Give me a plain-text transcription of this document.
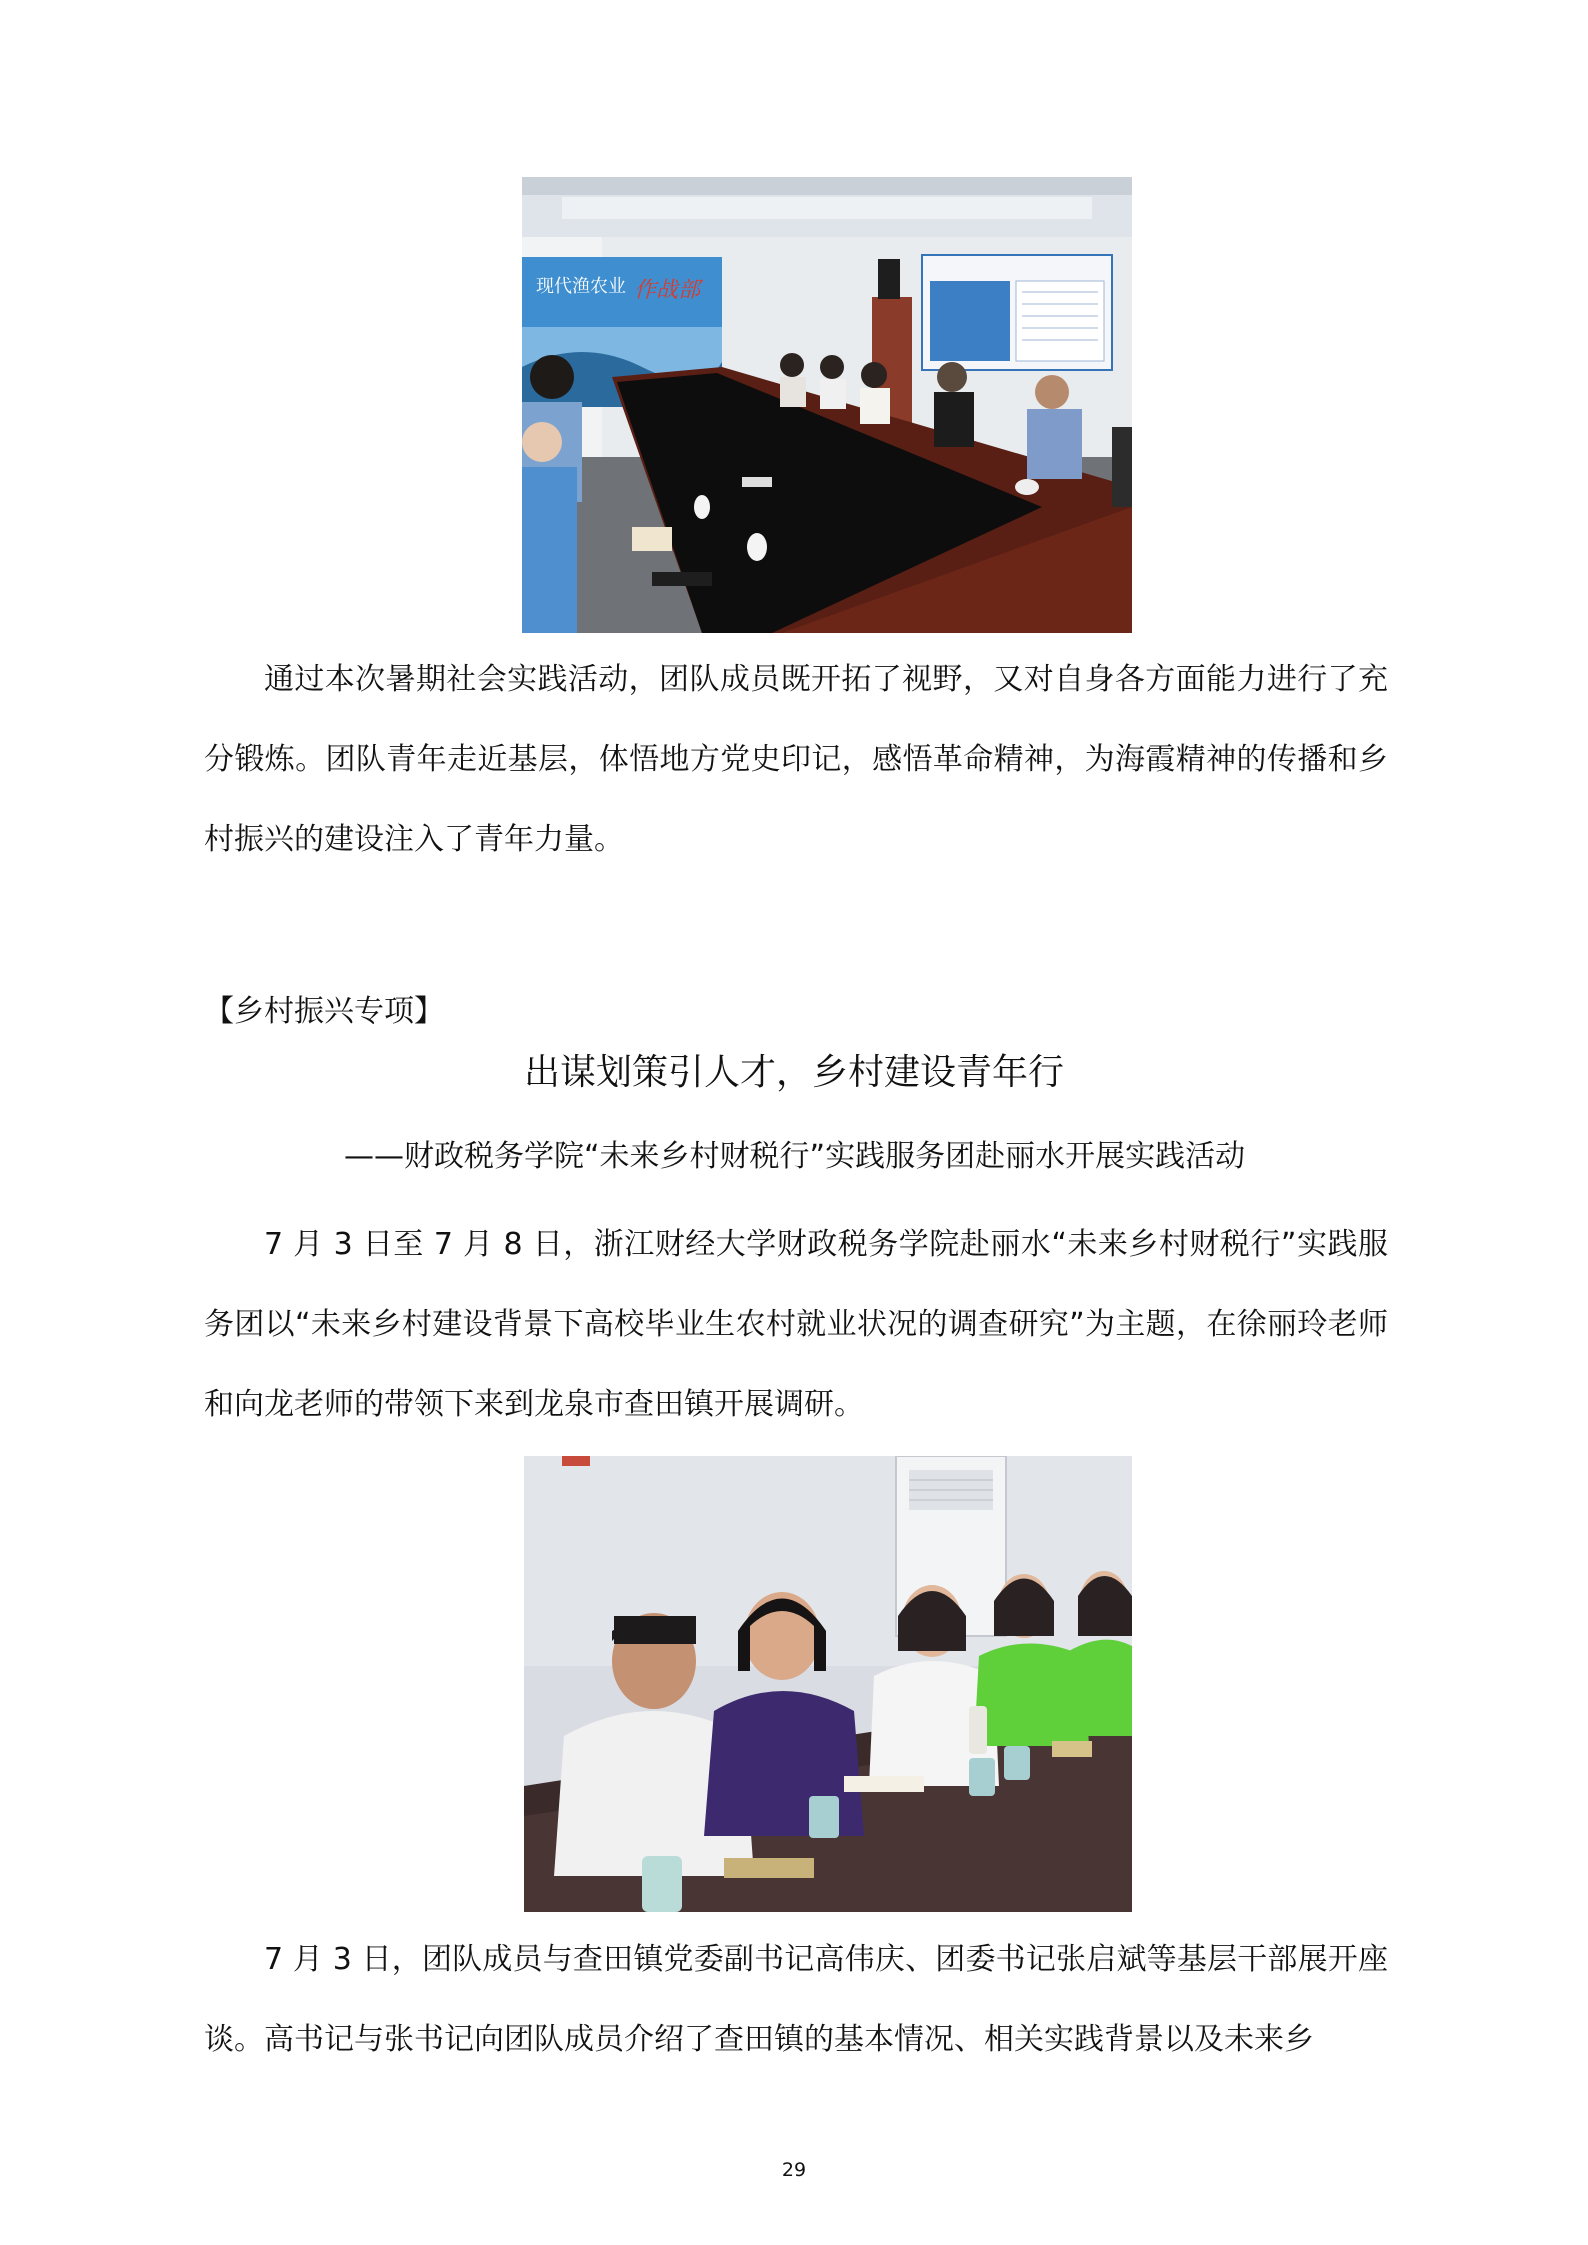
现代渔农业 作战部

通过本次暑期社会实践活动，团队成员既开拓了视野，又对自身各方面能力进行了充分锻炼。团队青年走近基层，体悟地方党史印记，感悟革命精神，为海霞精神的传播和乡村振兴的建设注入了青年力量。

【乡村振兴专项】

出谋划策引人才，乡村建设青年行

——财政税务学院“未来乡村财税行”实践服务团赴丽水开展实践活动

7 月 3 日至 7 月 8 日，浙江财经大学财政税务学院赴丽水“未来乡村财税行”实践服务团以“未来乡村建设背景下高校毕业生农村就业状况的调查研究”为主题，在徐丽玲老师和向龙老师的带领下来到龙泉市查田镇开展调研。

7 月 3 日，团队成员与查田镇党委副书记高伟庆、团委书记张启斌等基层干部展开座谈。高书记与张书记向团队成员介绍了查田镇的基本情况、相关实践背景以及未来乡

29
